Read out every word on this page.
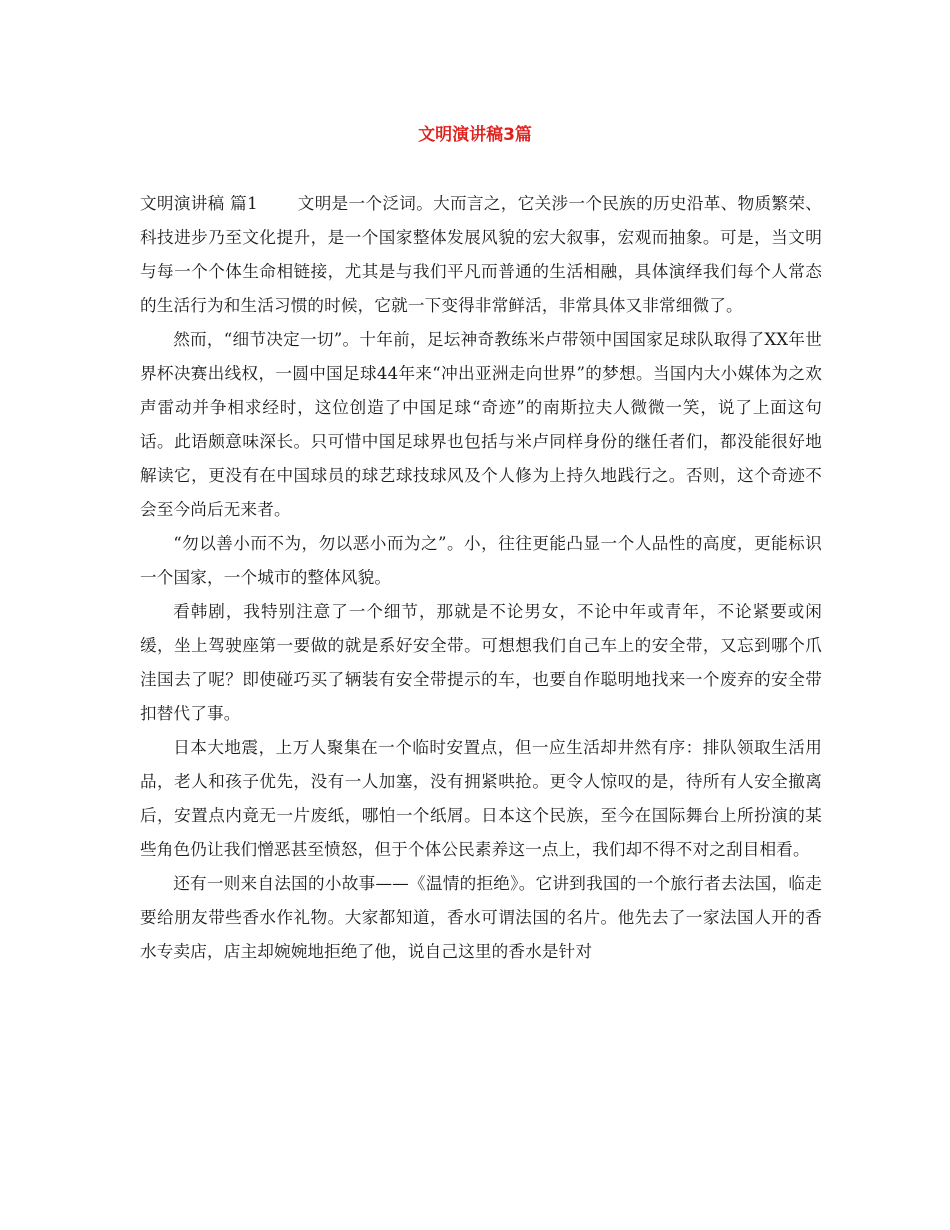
文明演讲稿3篇

文明演讲稿 篇1 文明是一个泛词。大而言之，它关涉一个民族的历史沿革、物质繁荣、科技进步乃至文化提升，是一个国家整体发展风貌的宏大叙事，宏观而抽象。可是，当文明与每一个个体生命相链接，尤其是与我们平凡而普通的生活相融，具体演绎我们每个人常态的生活行为和生活习惯的时候，它就一下变得非常鲜活，非常具体又非常细微了。

然而，“细节决定一切”。十年前，足坛神奇教练米卢带领中国国家足球队取得了XX年世界杯决赛出线权，一圆中国足球44年来“冲出亚洲走向世界”的梦想。当国内大小媒体为之欢声雷动并争相求经时，这位创造了中国足球“奇迹”的南斯拉夫人微微一笑，说了上面这句话。此语颇意味深长。只可惜中国足球界也包括与米卢同样身份的继任者们，都没能很好地解读它，更没有在中国球员的球艺球技球风及个人修为上持久地践行之。否则，这个奇迹不会至今尚后无来者。

“勿以善小而不为，勿以恶小而为之”。小，往往更能凸显一个人品性的高度，更能标识一个国家，一个城市的整体风貌。

看韩剧，我特别注意了一个细节，那就是不论男女，不论中年或青年，不论紧要或闲缓，坐上驾驶座第一要做的就是系好安全带。可想想我们自己车上的安全带，又忘到哪个爪洼国去了呢？即使碰巧买了辆装有安全带提示的车，也要自作聪明地找来一个废弃的安全带扣替代了事。

日本大地震，上万人聚集在一个临时安置点，但一应生活却井然有序：排队领取生活用品，老人和孩子优先，没有一人加塞，没有拥紧哄抢。更令人惊叹的是，待所有人安全撤离后，安置点内竟无一片废纸，哪怕一个纸屑。日本这个民族，至今在国际舞台上所扮演的某些角色仍让我们憎恶甚至愤怒，但于个体公民素养这一点上，我们却不得不对之刮目相看。

还有一则来自法国的小故事——《温情的拒绝》。它讲到我国的一个旅行者去法国，临走要给朋友带些香水作礼物。大家都知道，香水可谓法国的名片。他先去了一家法国人开的香水专卖店，店主却婉婉地拒绝了他，说自己这里的香水是针对
